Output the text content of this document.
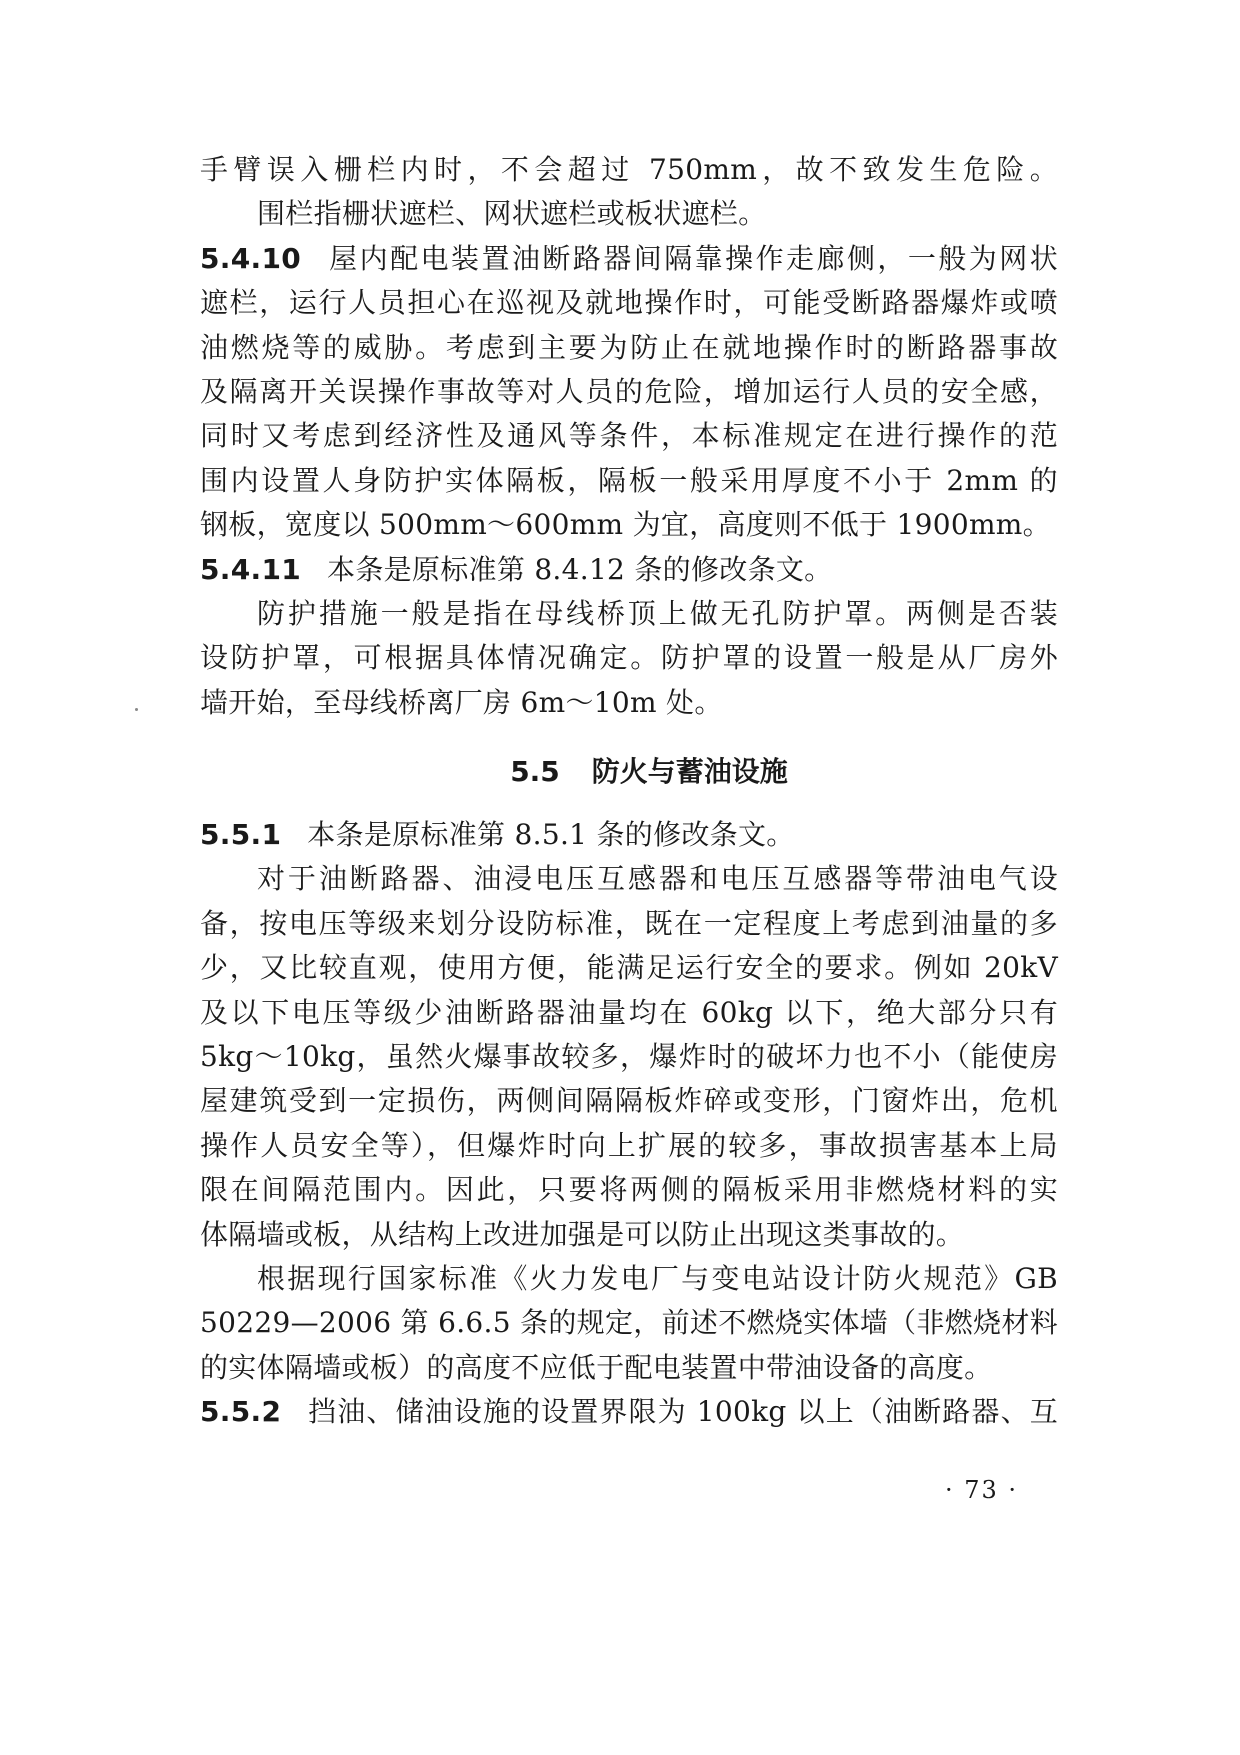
手臂误入栅栏内时，不会超过 750mm，故不致发生危险。
围栏指栅状遮栏、网状遮栏或板状遮栏。
5.4.10 屋内配电装置油断路器间隔靠操作走廊侧，一般为网状
遮栏，运行人员担心在巡视及就地操作时，可能受断路器爆炸或喷
油燃烧等的威胁。考虑到主要为防止在就地操作时的断路器事故
及隔离开关误操作事故等对人员的危险，增加运行人员的安全感，
同时又考虑到经济性及通风等条件，本标准规定在进行操作的范
围内设置人身防护实体隔板，隔板一般采用厚度不小于 2mm 的
钢板，宽度以 500mm～600mm 为宜，高度则不低于 1900mm。
5.4.11 本条是原标准第 8.4.12 条的修改条文。
防护措施一般是指在母线桥顶上做无孔防护罩。两侧是否装
设防护罩，可根据具体情况确定。防护罩的设置一般是从厂房外
墙开始，至母线桥离厂房 6m～10m 处。
5.5 防火与蓄油设施
5.5.1 本条是原标准第 8.5.1 条的修改条文。
对于油断路器、油浸电压互感器和电压互感器等带油电气设
备，按电压等级来划分设防标准，既在一定程度上考虑到油量的多
少，又比较直观，使用方便，能满足运行安全的要求。例如 20kV
及以下电压等级少油断路器油量均在 60kg 以下，绝大部分只有
5kg～10kg，虽然火爆事故较多，爆炸时的破坏力也不小（能使房
屋建筑受到一定损伤，两侧间隔隔板炸碎或变形，门窗炸出，危机
操作人员安全等），但爆炸时向上扩展的较多，事故损害基本上局
限在间隔范围内。因此，只要将两侧的隔板采用非燃烧材料的实
体隔墙或板，从结构上改进加强是可以防止出现这类事故的。
根据现行国家标准《火力发电厂与变电站设计防火规范》GB
50229—2006 第 6.6.5 条的规定，前述不燃烧实体墙（非燃烧材料
的实体隔墙或板）的高度不应低于配电装置中带油设备的高度。
5.5.2 挡油、储油设施的设置界限为 100kg 以上（油断路器、互
· 73 ·
